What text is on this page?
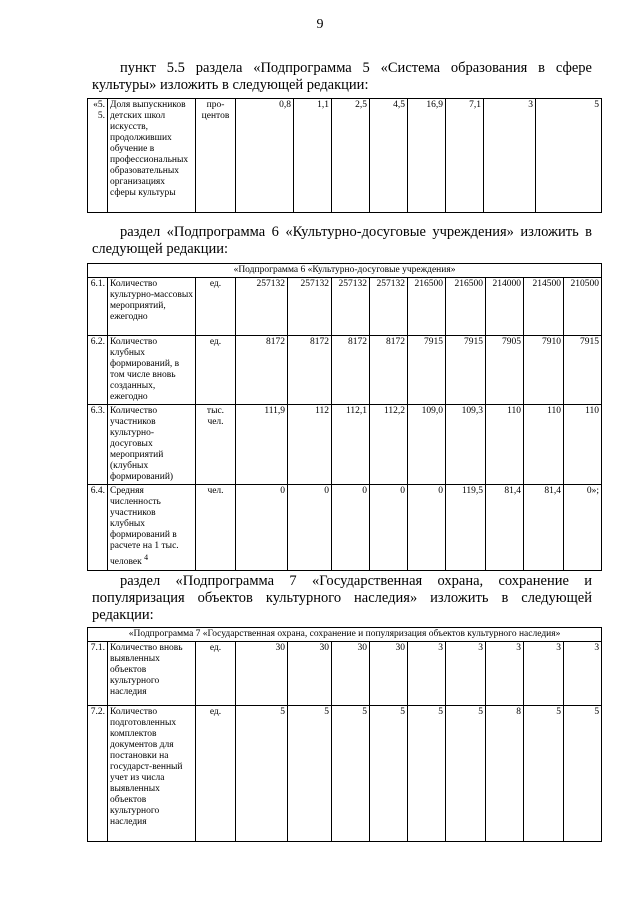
9
пункт 5.5 раздела «Подпрограмма 5 «Система образования в сфере культуры» изложить в следующей редакции:
«5.5.	Доля выпускников детских школ искусств, продолживших обучение в профессиональных образовательных организациях сферы культуры	про-центов	0,8	1,1	2,5	4,5	16,9	7,1	3	5	
раздел «Подпрограмма 6 «Культурно-досуговые учреждения» изложить в следующей редакции:
«Подпрограмма 6 «Культурно-досуговые учреждения»											
6.1.	Количество культурно-массовых мероприятий, ежегодно	ед.	257132	257132	257132	257132	216500	216500	214000	214500	210500
6.2.	Количество клубных формирований, в том числе вновь созданных, ежегодно	ед.	8172	8172	8172	8172	7915	7915	7905	7910	7915
6.3.	Количество участников культурно-досуговых мероприятий (клубных формирований)	тыс. чел.	111,9	112	112,1	112,2	109,0	109,3	110	110	110
6.4.	Средняя численность участников клубных формирований в расчете на 1 тыс. человек $^4$	чел.	0	0	0	0	0	119,5	81,4	81,4	0»;
раздел «Подпрограмма 7 «Государственная охрана, сохранение и популяризация объектов культурного наследия» изложить в следующей редакции:
«Подпрограмма 7 «Государственная охрана, сохранение и популяризация объектов культурного наследия»											
7.1.	Количество вновь выявленных объектов культурного наследия	ед.	30	30	30	30	3	3	3	3	3
7.2.	Количество подготовленных комплектов документов для постановки на государст-венный учет из числа выявленных объектов культурного наследия	ед.	5	5	5	5	5	5	8	5	5
